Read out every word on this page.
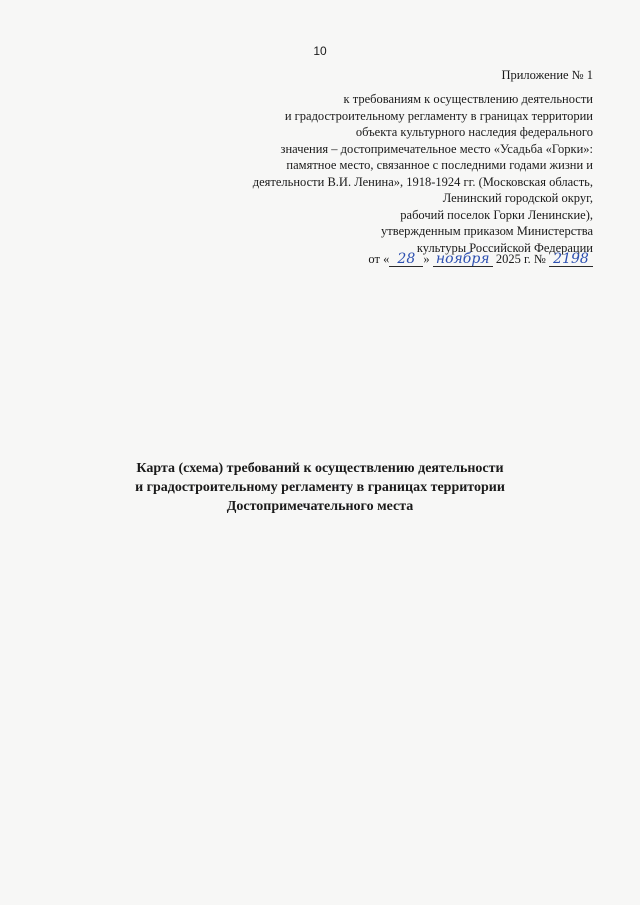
10
Приложение № 1
к требованиям к осуществлению деятельности
и градостроительному регламенту в границах территории
объекта культурного наследия федерального
значения – достопримечательное место «Усадьба «Горки»:
памятное место, связанное с последними годами жизни и
деятельности В.И. Ленина», 1918-1924 гг. (Московская область,
Ленинский городской округ,
рабочий поселок Горки Ленинские),
утвержденным приказом Министерства
культуры Российской Федерации
от « 28 » ноября 2025 г. № 2198
Карта (схема) требований к осуществлению деятельности
и градостроительному регламенту в границах территории
Достопримечательного места
